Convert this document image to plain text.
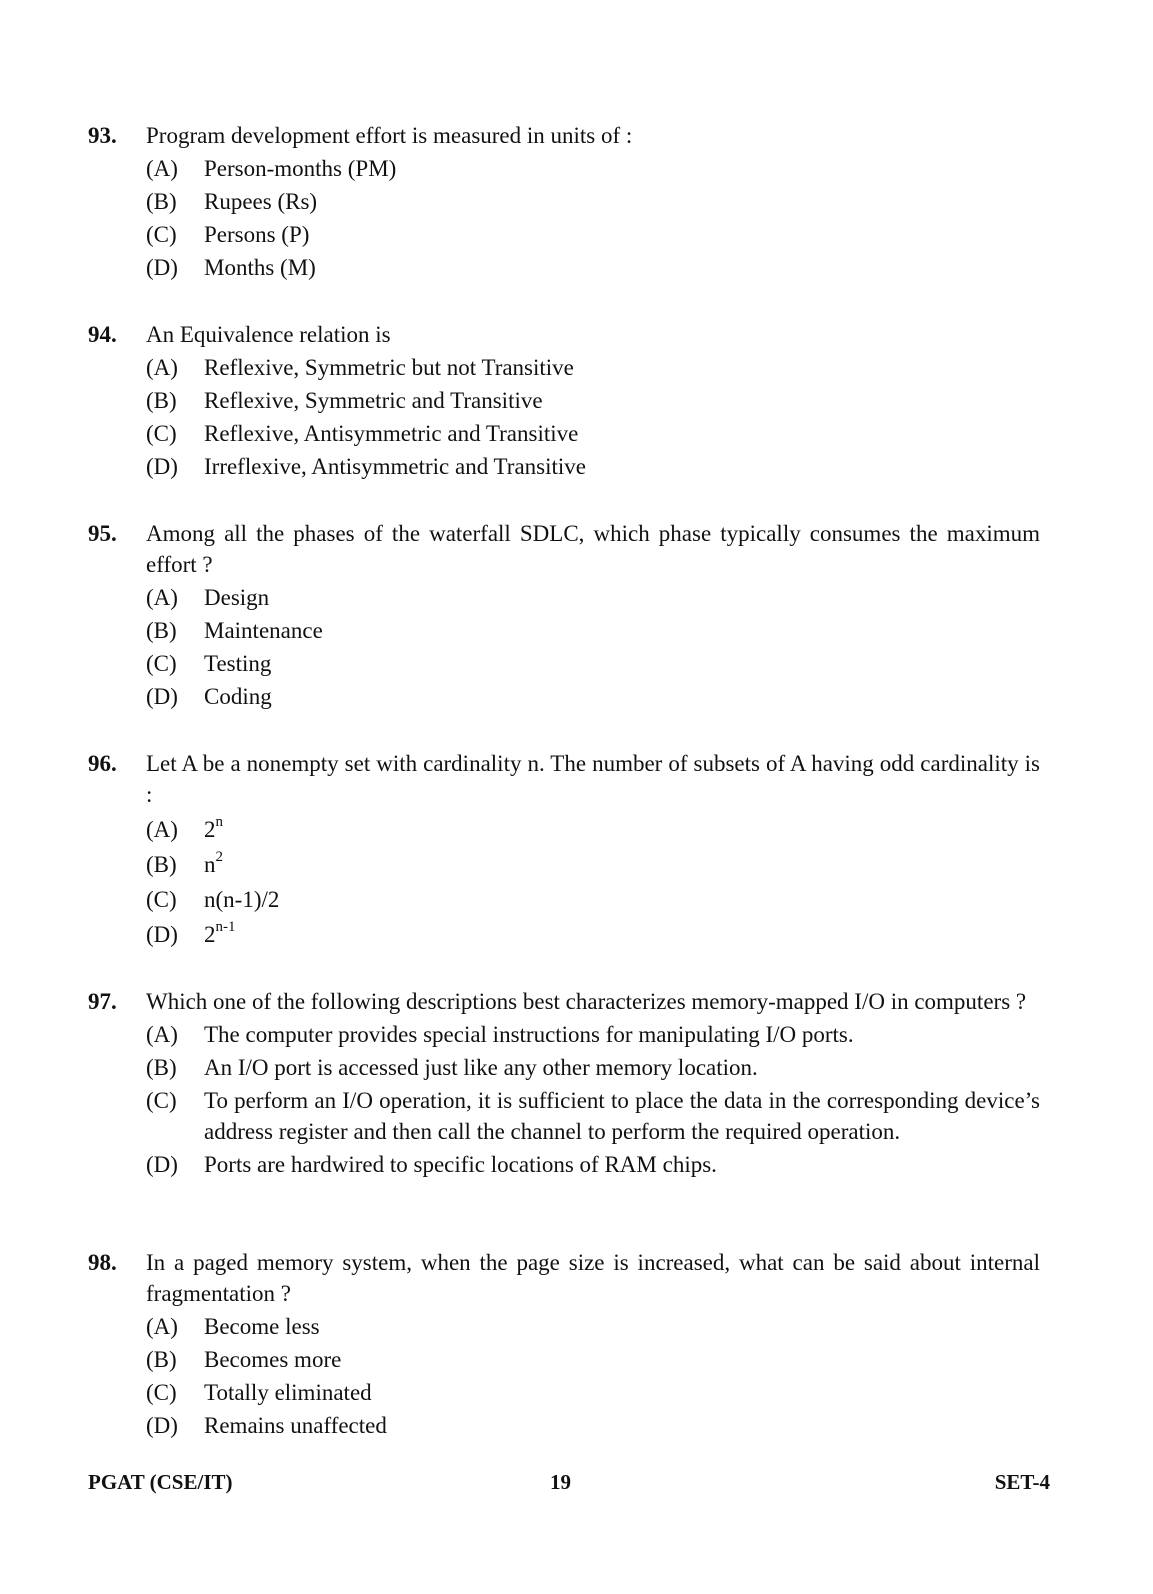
93.	Program development effort is measured in units of :
(A)	Person-months (PM)
(B)	Rupees (Rs)
(C)	Persons (P)
(D)	Months (M)
94.	An Equivalence relation is
(A)	Reflexive, Symmetric but not Transitive
(B)	Reflexive, Symmetric and Transitive
(C)	Reflexive, Antisymmetric and Transitive
(D)	Irreflexive, Antisymmetric and Transitive
95.	Among all the phases of the waterfall SDLC, which phase typically consumes the maximum effort ?
(A)	Design
(B)	Maintenance
(C)	Testing
(D)	Coding
96.	Let A be a nonempty set with cardinality n. The number of subsets of A having odd cardinality is :
(A)	2$^n$
(B)	$n^2$
(C)	n(n-1)/2
(D)	2$^{n-1}$
97.	Which one of the following descriptions best characterizes memory-mapped I/O in computers ?
(A)	The computer provides special instructions for manipulating I/O ports.
(B)	An I/O port is accessed just like any other memory location.
(C)	To perform an I/O operation, it is sufficient to place the data in the corresponding device’s address register and then call the channel to perform the required operation.
(D)	Ports are hardwired to specific locations of RAM chips.
98.	In a paged memory system, when the page size is increased, what can be said about internal fragmentation ?
(A)	Become less
(B)	Becomes more
(C)	Totally eliminated
(D)	Remains unaffected
PGAT (CSE/IT)	19	SET-4
